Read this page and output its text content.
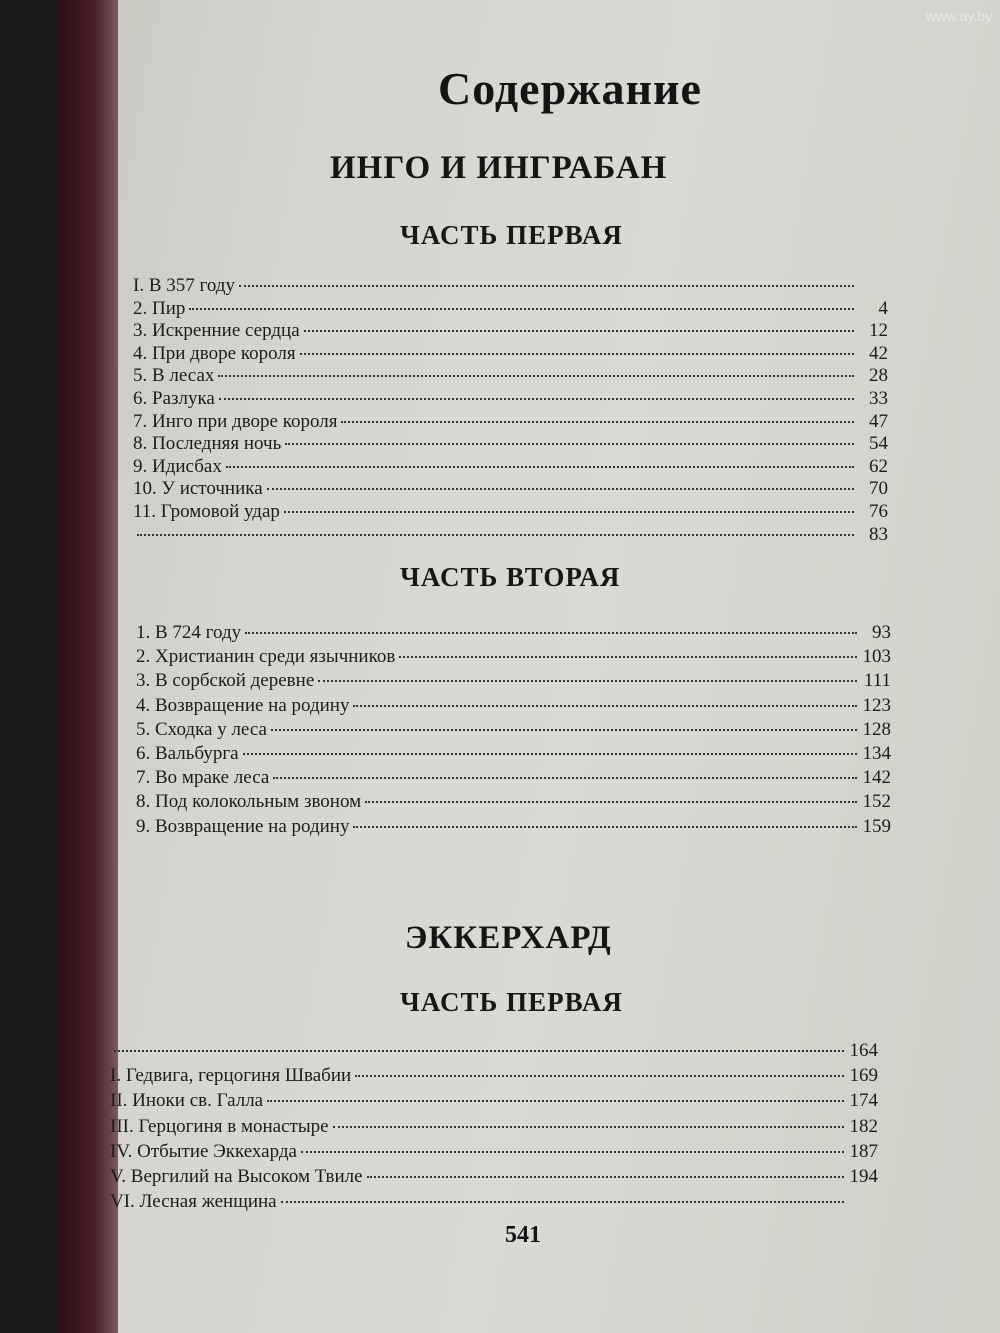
Содержание
ИНГО И ИНГРАБАН
ЧАСТЬ ПЕРВАЯ
I. В 357 году
2. Пир	4
3. Искренние сердца	12
4. При дворе короля	42
5. В лесах	28
6. Разлука	33
7. Инго при дворе короля	47
8. Последняя ночь	54
9. Идисбах	62
10. У источника	70
11. Громовой удар	76
83
ЧАСТЬ ВТОРАЯ
1. В 724 году	93
2. Христианин среди язычников	103
3. В сорбской деревне	111
4. Возвращение на родину	123
5. Сходка у леса	128
6. Вальбурга	134
7. Во мраке леса	142
8. Под колокольным звоном	152
9. Возвращение на родину	159
ЭККЕРХАРД
ЧАСТЬ ПЕРВАЯ
164
I. Гедвига, герцогиня Швабии	169
II. Иноки св. Галла	174
III. Герцогиня в монастыре	182
IV. Отбытие Эккехарда	187
V. Вергилий на Высоком Твиле	194
VI. Лесная женщина
541
www.ay.by
